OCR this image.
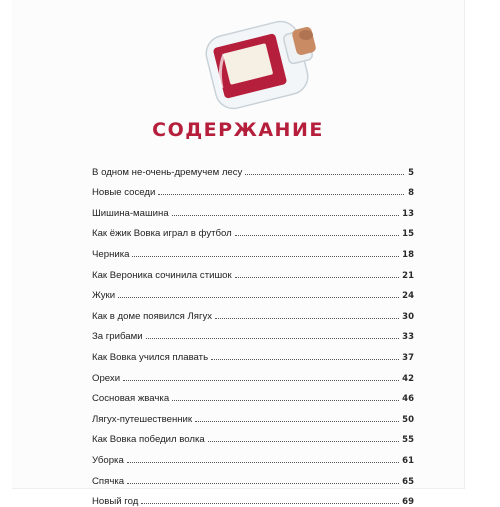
СОДЕРЖАНИЕ
В одном не-очень-дремучем лесу	5
Новые соседи	8
Шишина-машина	13
Как ёжик Вовка играл в футбол	15
Черника	18
Как Вероника сочинила стишок	21
Жуки	24
Как в доме появился Лягух	30
За грибами	33
Как Вовка учился плавать	37
Орехи	42
Сосновая жвачка	46
Лягух-путешественник	50
Как Вовка победил волка	55
Уборка	61
Спячка	65
Новый год	69
